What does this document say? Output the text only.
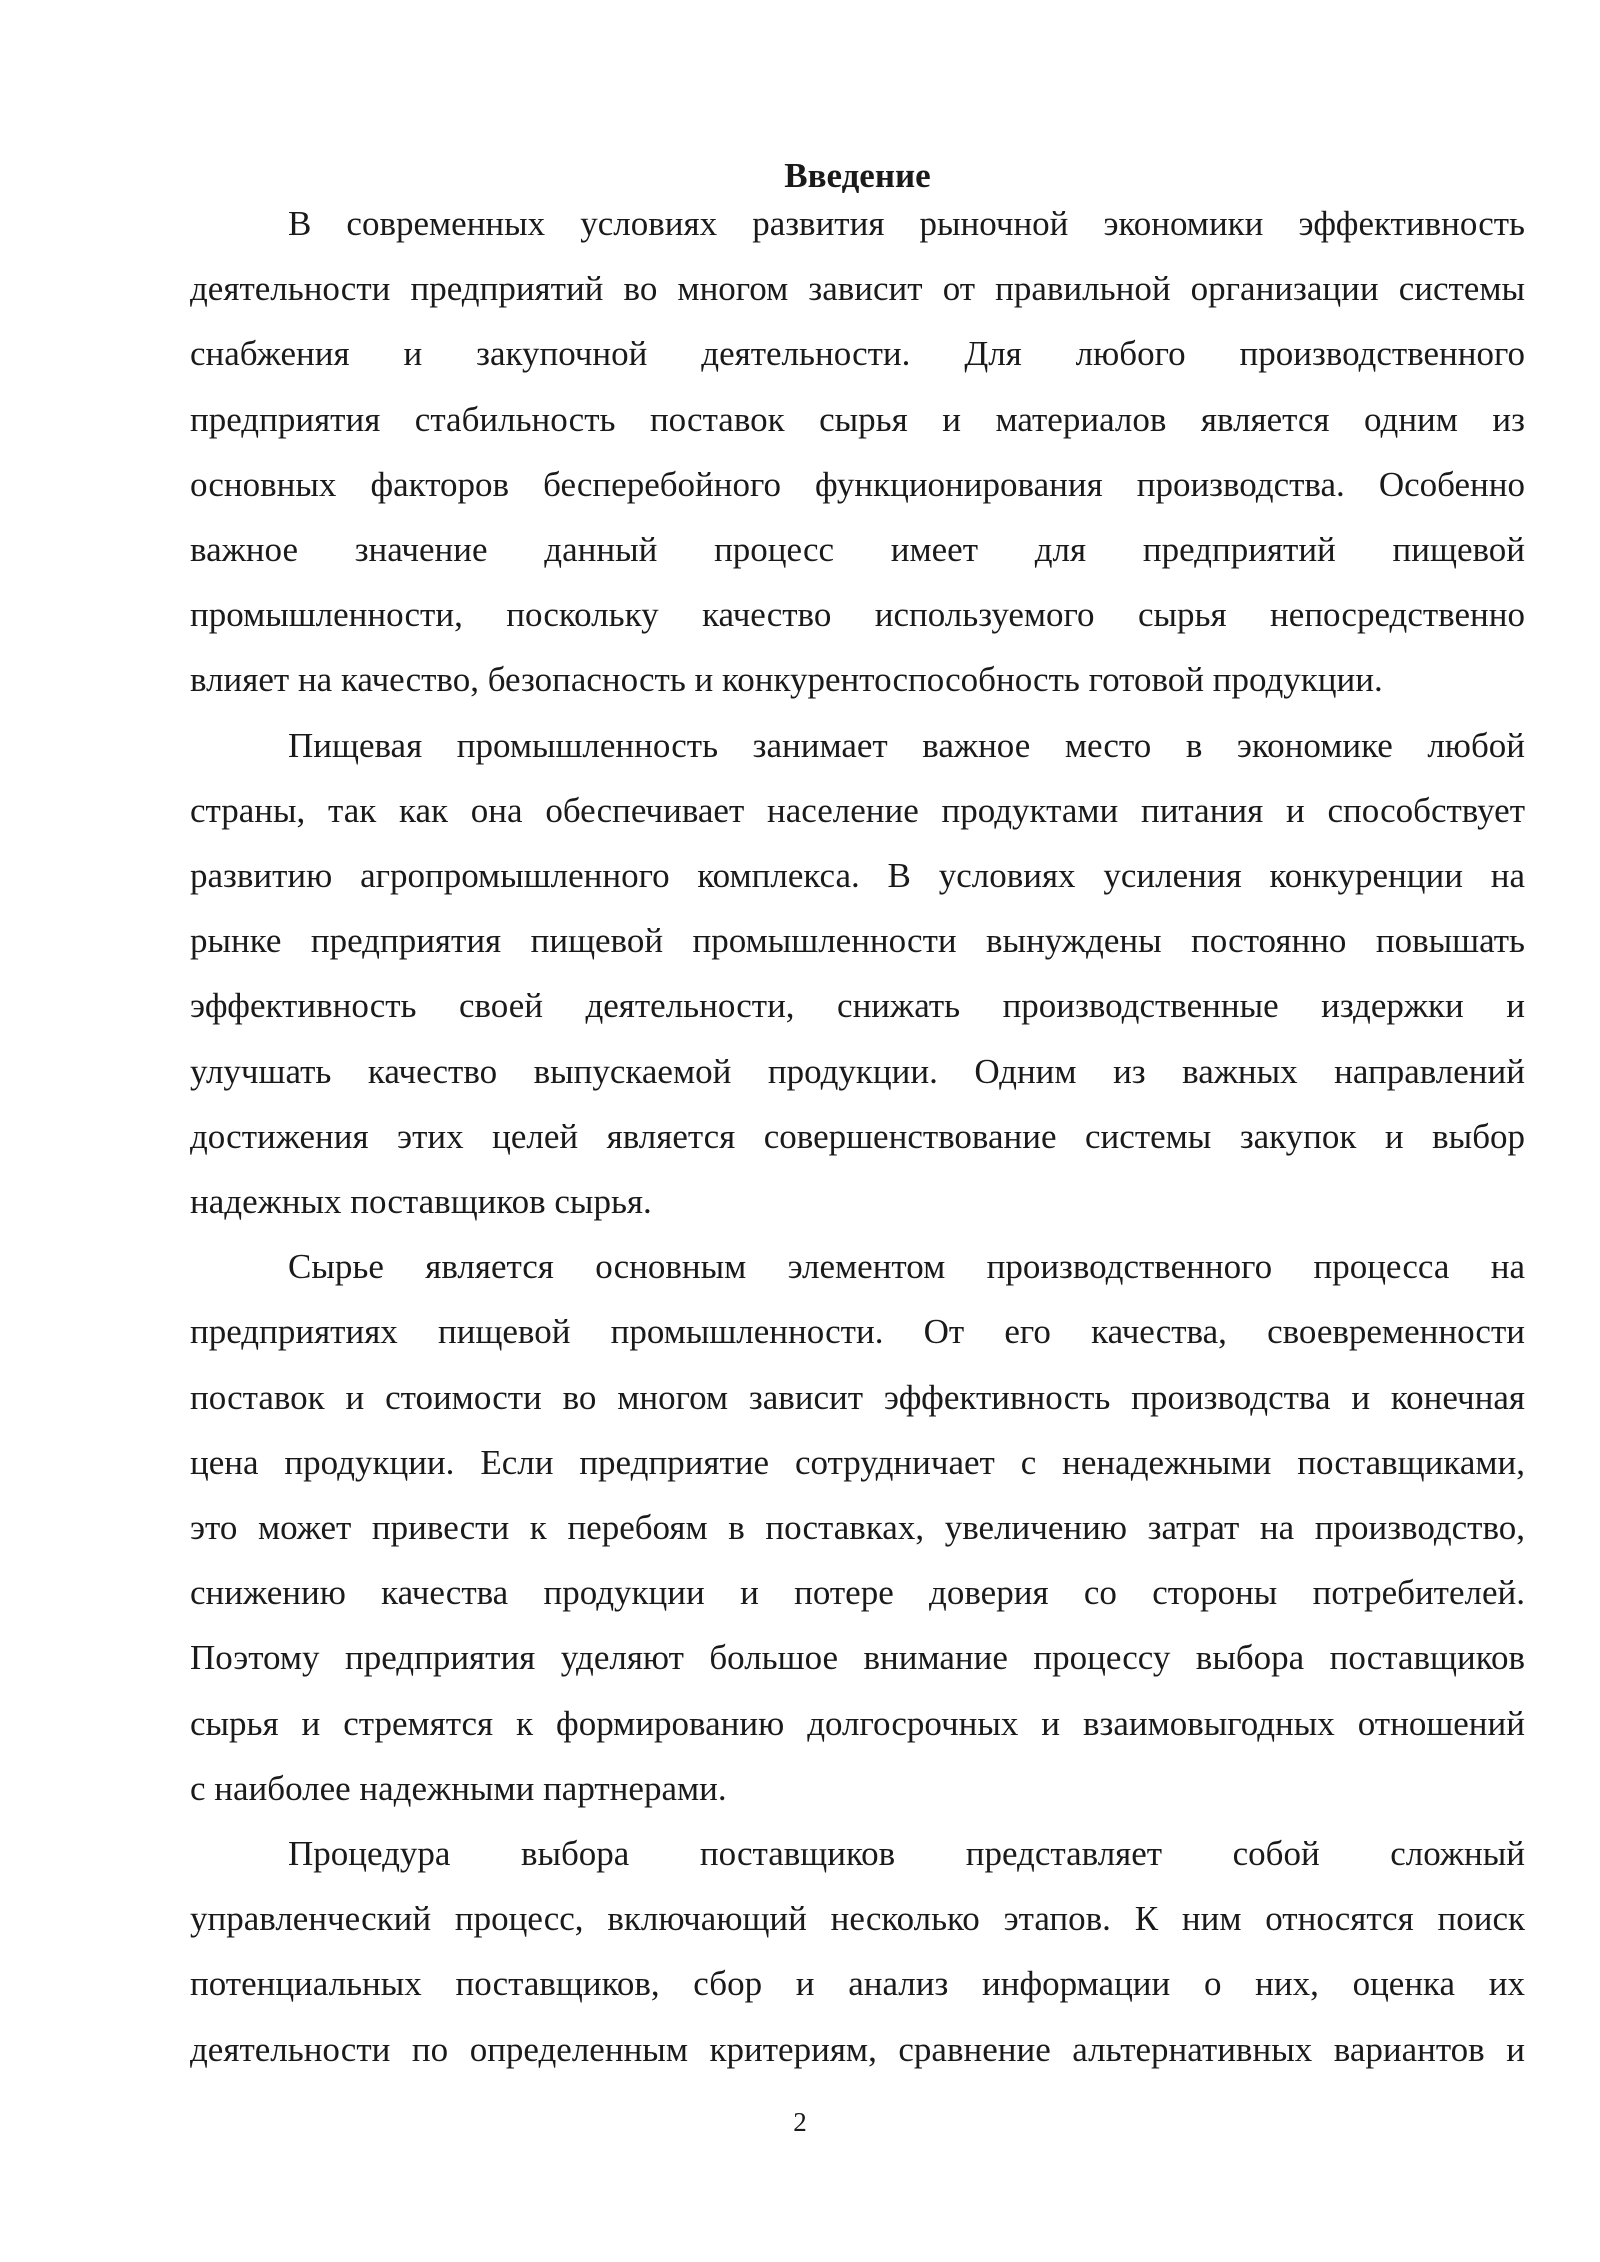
Введение
В современных условиях развития рыночной экономики эффективность
деятельности предприятий во многом зависит от правильной организации системы
снабжения и закупочной деятельности. Для любого производственного
предприятия стабильность поставок сырья и материалов является одним из
основных факторов бесперебойного функционирования производства. Особенно
важное значение данный процесс имеет для предприятий пищевой
промышленности, поскольку качество используемого сырья непосредственно
влияет на качество, безопасность и конкурентоспособность готовой продукции.
Пищевая промышленность занимает важное место в экономике любой
страны, так как она обеспечивает население продуктами питания и способствует
развитию агропромышленного комплекса. В условиях усиления конкуренции на
рынке предприятия пищевой промышленности вынуждены постоянно повышать
эффективность своей деятельности, снижать производственные издержки и
улучшать качество выпускаемой продукции. Одним из важных направлений
достижения этих целей является совершенствование системы закупок и выбор
надежных поставщиков сырья.
Сырье является основным элементом производственного процесса на
предприятиях пищевой промышленности. От его качества, своевременности
поставок и стоимости во многом зависит эффективность производства и конечная
цена продукции. Если предприятие сотрудничает с ненадежными поставщиками,
это может привести к перебоям в поставках, увеличению затрат на производство,
снижению качества продукции и потере доверия со стороны потребителей.
Поэтому предприятия уделяют большое внимание процессу выбора поставщиков
сырья и стремятся к формированию долгосрочных и взаимовыгодных отношений
с наиболее надежными партнерами.
Процедура выбора поставщиков представляет собой сложный
управленческий процесс, включающий несколько этапов. К ним относятся поиск
потенциальных поставщиков, сбор и анализ информации о них, оценка их
деятельности по определенным критериям, сравнение альтернативных вариантов и
2
